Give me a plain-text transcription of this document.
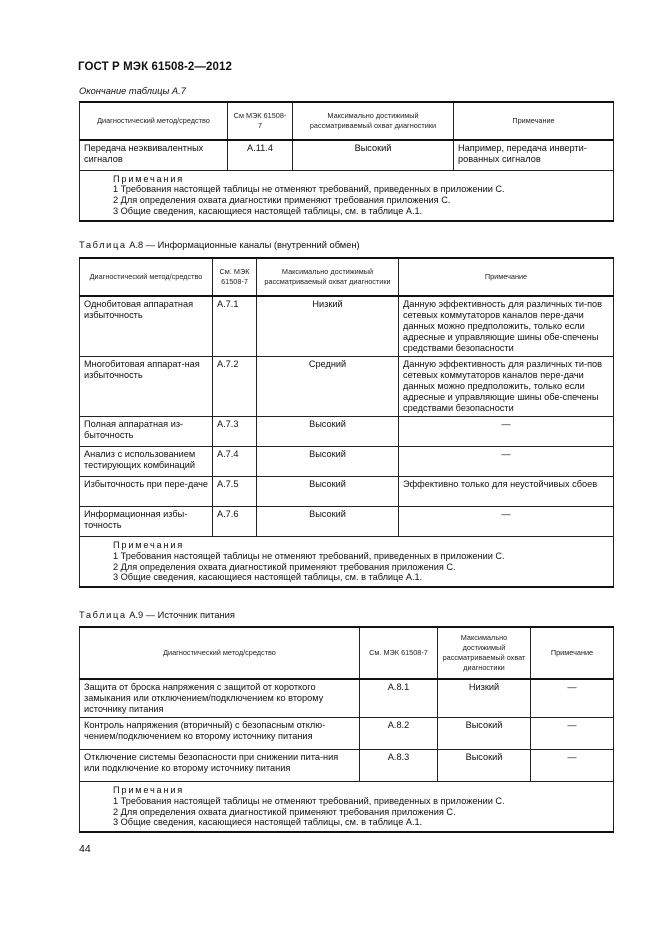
ГОСТ Р МЭК 61508-2—2012
Окончание таблицы А.7
Диагностический метод/средство	См МЭК 61508-7	Максимально достижимый рассматриваемый охват диагностики	Примечание
Передача неэквивалентных сигналов	А.11.4	Высокий	Например, передача инверти-рованных сигналов

Примечания
1 Требования настоящей таблицы не отменяют требований, приведенных в приложении С.
2 Для определения охвата диагностики применяют требования приложения С.
3 Общие сведения, касающиеся настоящей таблицы, см. в таблице А.1.			
Таблица А.8 — Информационные каналы (внутренний обмен)
Диагностический метод/средство	См. МЭК 61508-7	Максимально достижимый рассматриваемый охват диагностики	Примечание
Однобитовая аппаратная избыточность	А.7.1	Низкий	Данную эффективность для различных ти-пов сетевых коммутаторов каналов пере-дачи данных можно предположить, только если адресные и управляющие шины обе-спечены средствами безопасности
Многобитовая аппарат-ная избыточность	А.7.2	Средний	Данную эффективность для различных ти-пов сетевых коммутаторов каналов пере-дачи данных можно предположить, только если адресные и управляющие шины обе-спечены средствами безопасности
Полная аппаратная из-быточность	А.7.3	Высокий	—
Анализ с использованием тестирующих комбинаций	А.7.4	Высокий	—
Избыточность при пере-даче	А.7.5	Высокий	Эффективно только для неустойчивых сбоев
Информационная избы-точность	А.7.6	Высокий	—

Примечания
1 Требования настоящей таблицы не отменяют требований, приведенных в приложении С.
2 Для определения охвата диагностикой применяют требования приложения С.
3 Общие сведения, касающиеся настоящей таблицы, см. в таблице А.1.			
Таблица А.9 — Источник питания
Диагностический метод/средство	См. МЭК 61508-7	Максимально достижимый рассматриваемый охват диагностики	Примечание
Защита от броска напряжения с защитой от короткого замыкания или отключением/подключением ко второму источнику питания	А.8.1	Низкий	—
Контроль напряжения (вторичный) с безопасным отклю-чением/подключением ко второму источнику питания	А.8.2	Высокий	—
Отключение системы безопасности при снижении пита-ния или подключение ко второму источнику питания	А.8.3	Высокий	—

Примечания
1 Требования настоящей таблицы не отменяют требований, приведенных в приложении С.
2 Для определения охвата диагностикой применяют требования приложения С.
3 Общие сведения, касающиеся настоящей таблицы, см. в таблице А.1.			
44
